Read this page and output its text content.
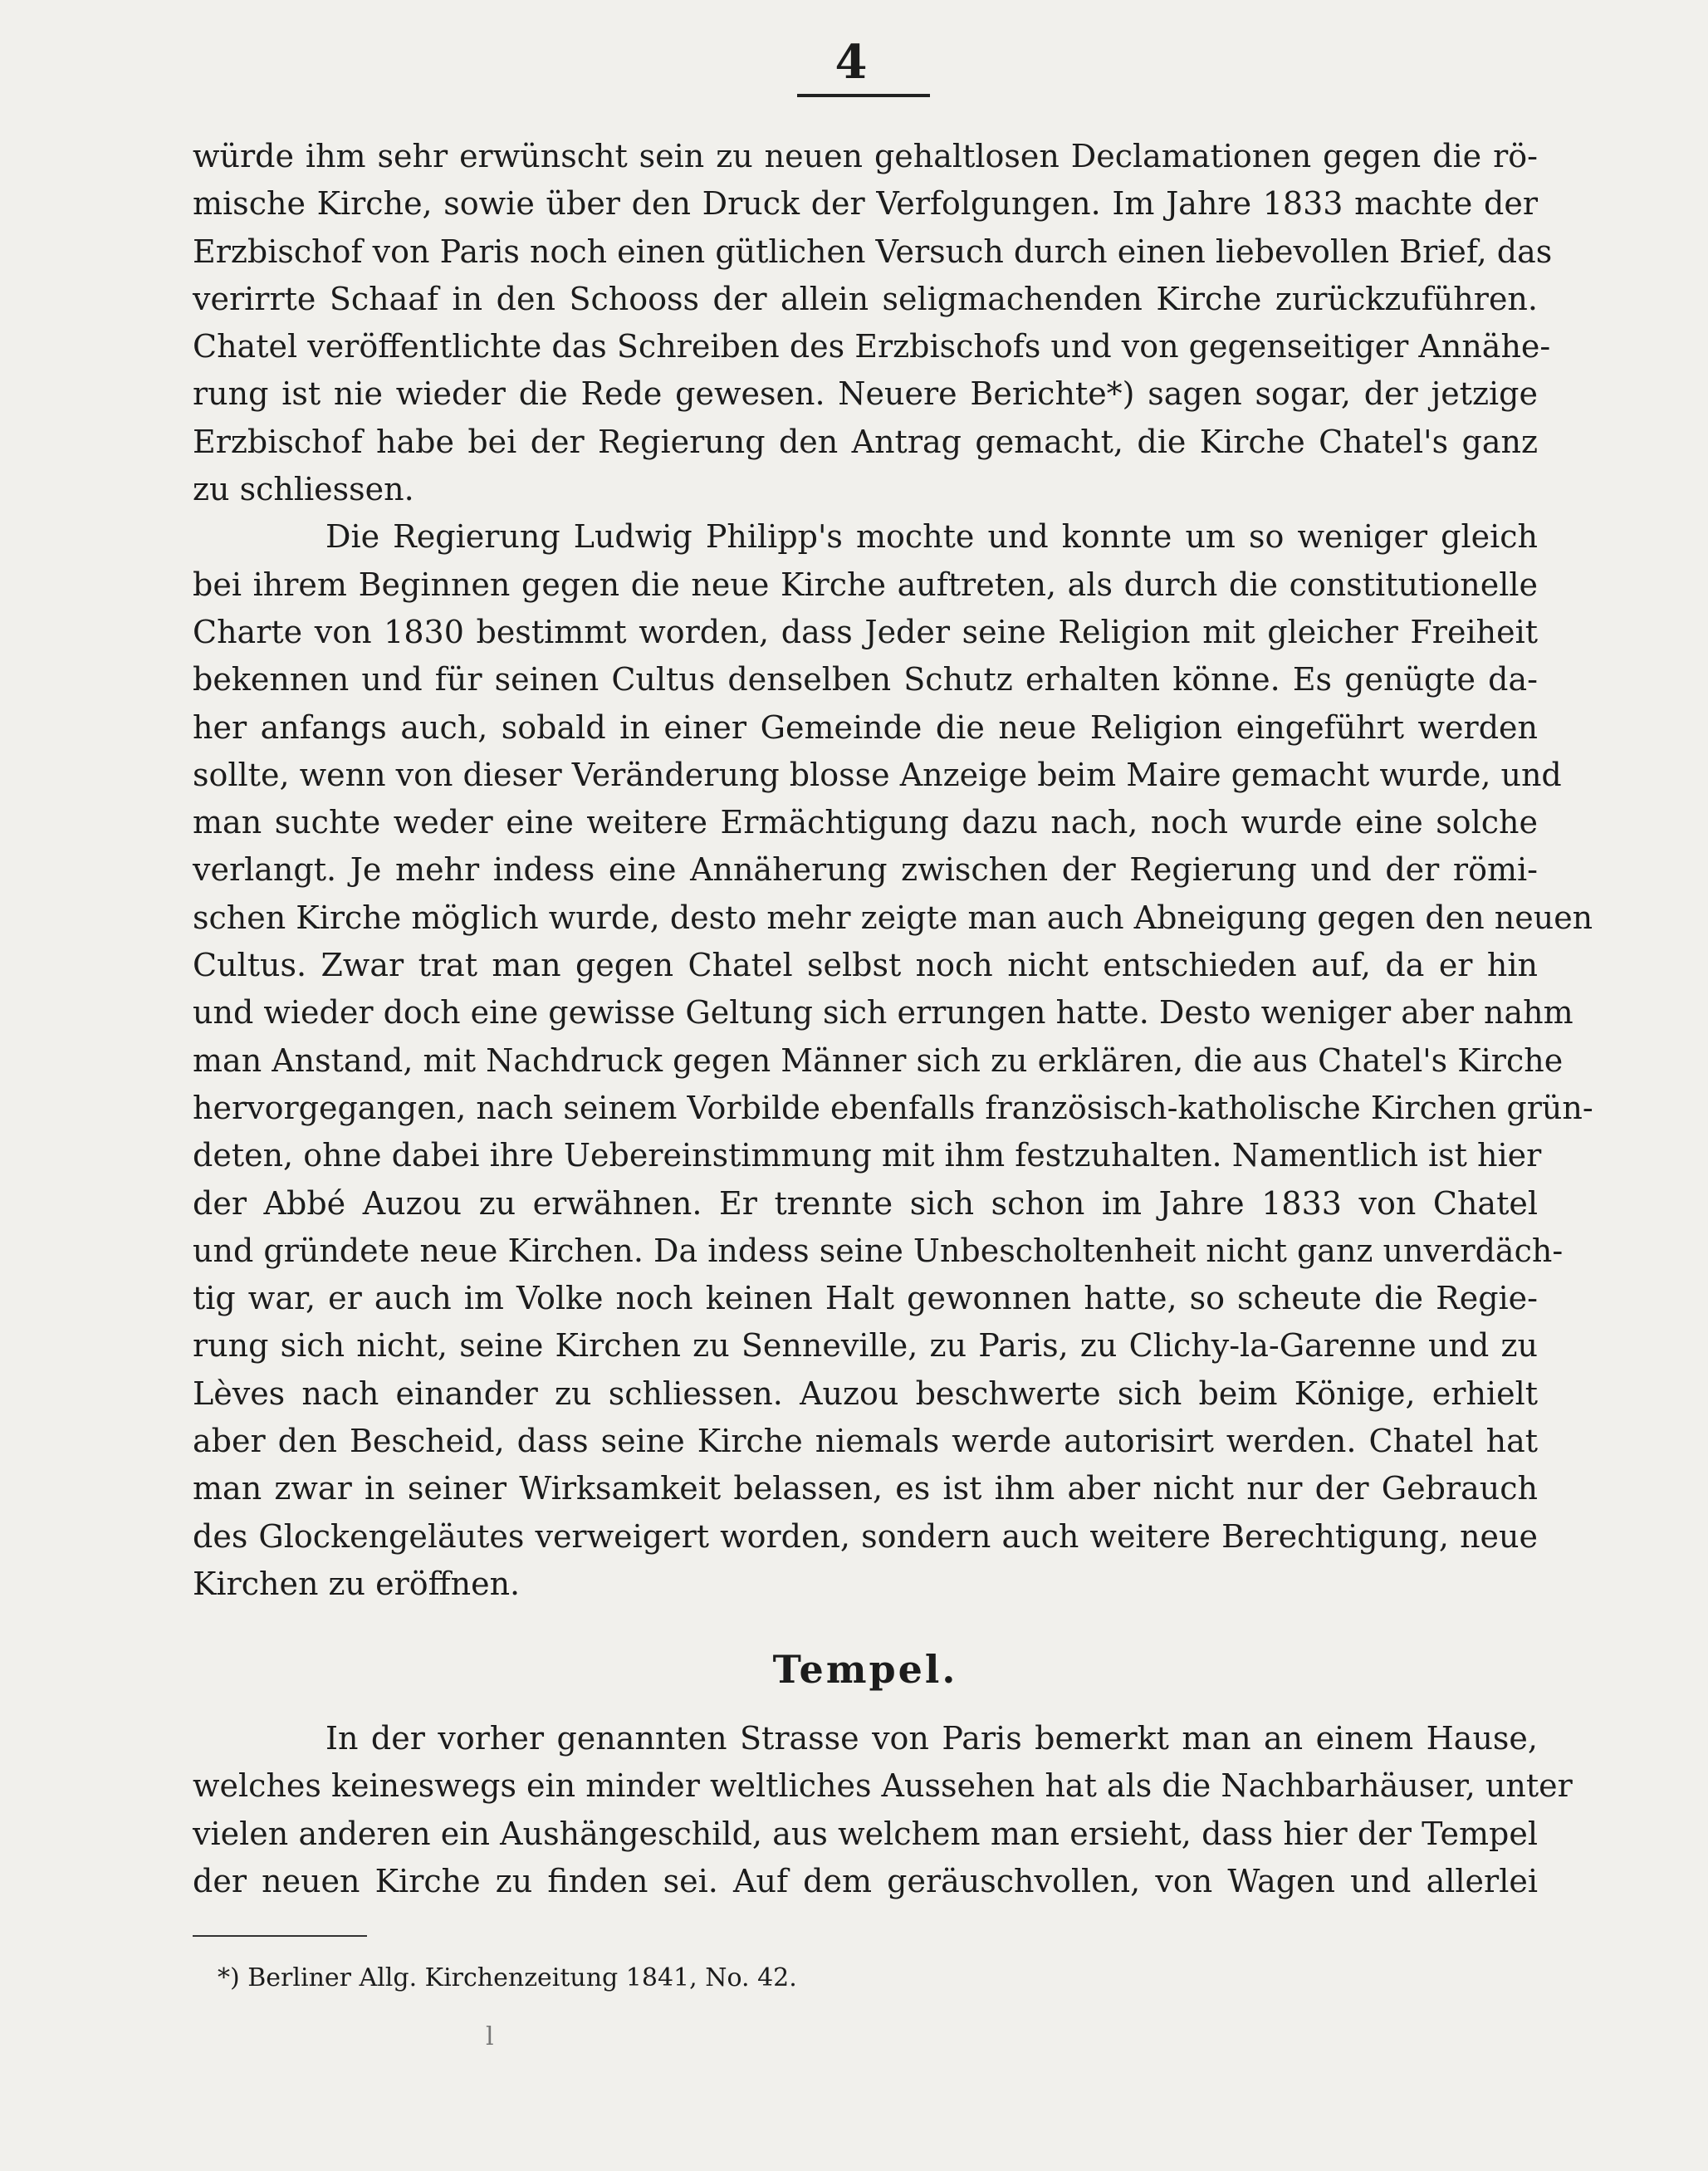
4

würde ihm sehr erwünscht sein zu neuen gehaltlosen Declamationen gegen die rö-
mische Kirche, sowie über den Druck der Verfolgungen. Im Jahre 1833 machte der
Erzbischof von Paris noch einen gütlichen Versuch durch einen liebevollen Brief, das
verirrte Schaaf in den Schooss der allein seligmachenden Kirche zurückzuführen.
Chatel veröffentlichte das Schreiben des Erzbischofs und von gegenseitiger Annähe-
rung ist nie wieder die Rede gewesen. Neuere Berichte*) sagen sogar, der jetzige
Erzbischof habe bei der Regierung den Antrag gemacht, die Kirche Chatel's ganz
zu schliessen.

Die Regierung Ludwig Philipp's mochte und konnte um so weniger gleich
bei ihrem Beginnen gegen die neue Kirche auftreten, als durch die constitutionelle
Charte von 1830 bestimmt worden, dass Jeder seine Religion mit gleicher Freiheit
bekennen und für seinen Cultus denselben Schutz erhalten könne. Es genügte da-
her anfangs auch, sobald in einer Gemeinde die neue Religion eingeführt werden
sollte, wenn von dieser Veränderung blosse Anzeige beim Maire gemacht wurde, und
man suchte weder eine weitere Ermächtigung dazu nach, noch wurde eine solche
verlangt. Je mehr indess eine Annäherung zwischen der Regierung und der römi-
schen Kirche möglich wurde, desto mehr zeigte man auch Abneigung gegen den neuen
Cultus. Zwar trat man gegen Chatel selbst noch nicht entschieden auf, da er hin
und wieder doch eine gewisse Geltung sich errungen hatte. Desto weniger aber nahm
man Anstand, mit Nachdruck gegen Männer sich zu erklären, die aus Chatel's Kirche
hervorgegangen, nach seinem Vorbilde ebenfalls französisch-katholische Kirchen grün-
deten, ohne dabei ihre Uebereinstimmung mit ihm festzuhalten. Namentlich ist hier
der Abbé Auzou zu erwähnen. Er trennte sich schon im Jahre 1833 von Chatel
und gründete neue Kirchen. Da indess seine Unbescholtenheit nicht ganz unverdäch-
tig war, er auch im Volke noch keinen Halt gewonnen hatte, so scheute die Regie-
rung sich nicht, seine Kirchen zu Senneville, zu Paris, zu Clichy-la-Garenne und zu
Lèves nach einander zu schliessen. Auzou beschwerte sich beim Könige, erhielt
aber den Bescheid, dass seine Kirche niemals werde autorisirt werden. Chatel hat
man zwar in seiner Wirksamkeit belassen, es ist ihm aber nicht nur der Gebrauch
des Glockengeläutes verweigert worden, sondern auch weitere Berechtigung, neue
Kirchen zu eröffnen.

Tempel.

In der vorher genannten Strasse von Paris bemerkt man an einem Hause,
welches keineswegs ein minder weltliches Aussehen hat als die Nachbarhäuser, unter
vielen anderen ein Aushängeschild, aus welchem man ersieht, dass hier der Tempel
der neuen Kirche zu finden sei. Auf dem geräuschvollen, von Wagen und allerlei

*) Berliner Allg. Kirchenzeitung 1841, No. 42.
l
